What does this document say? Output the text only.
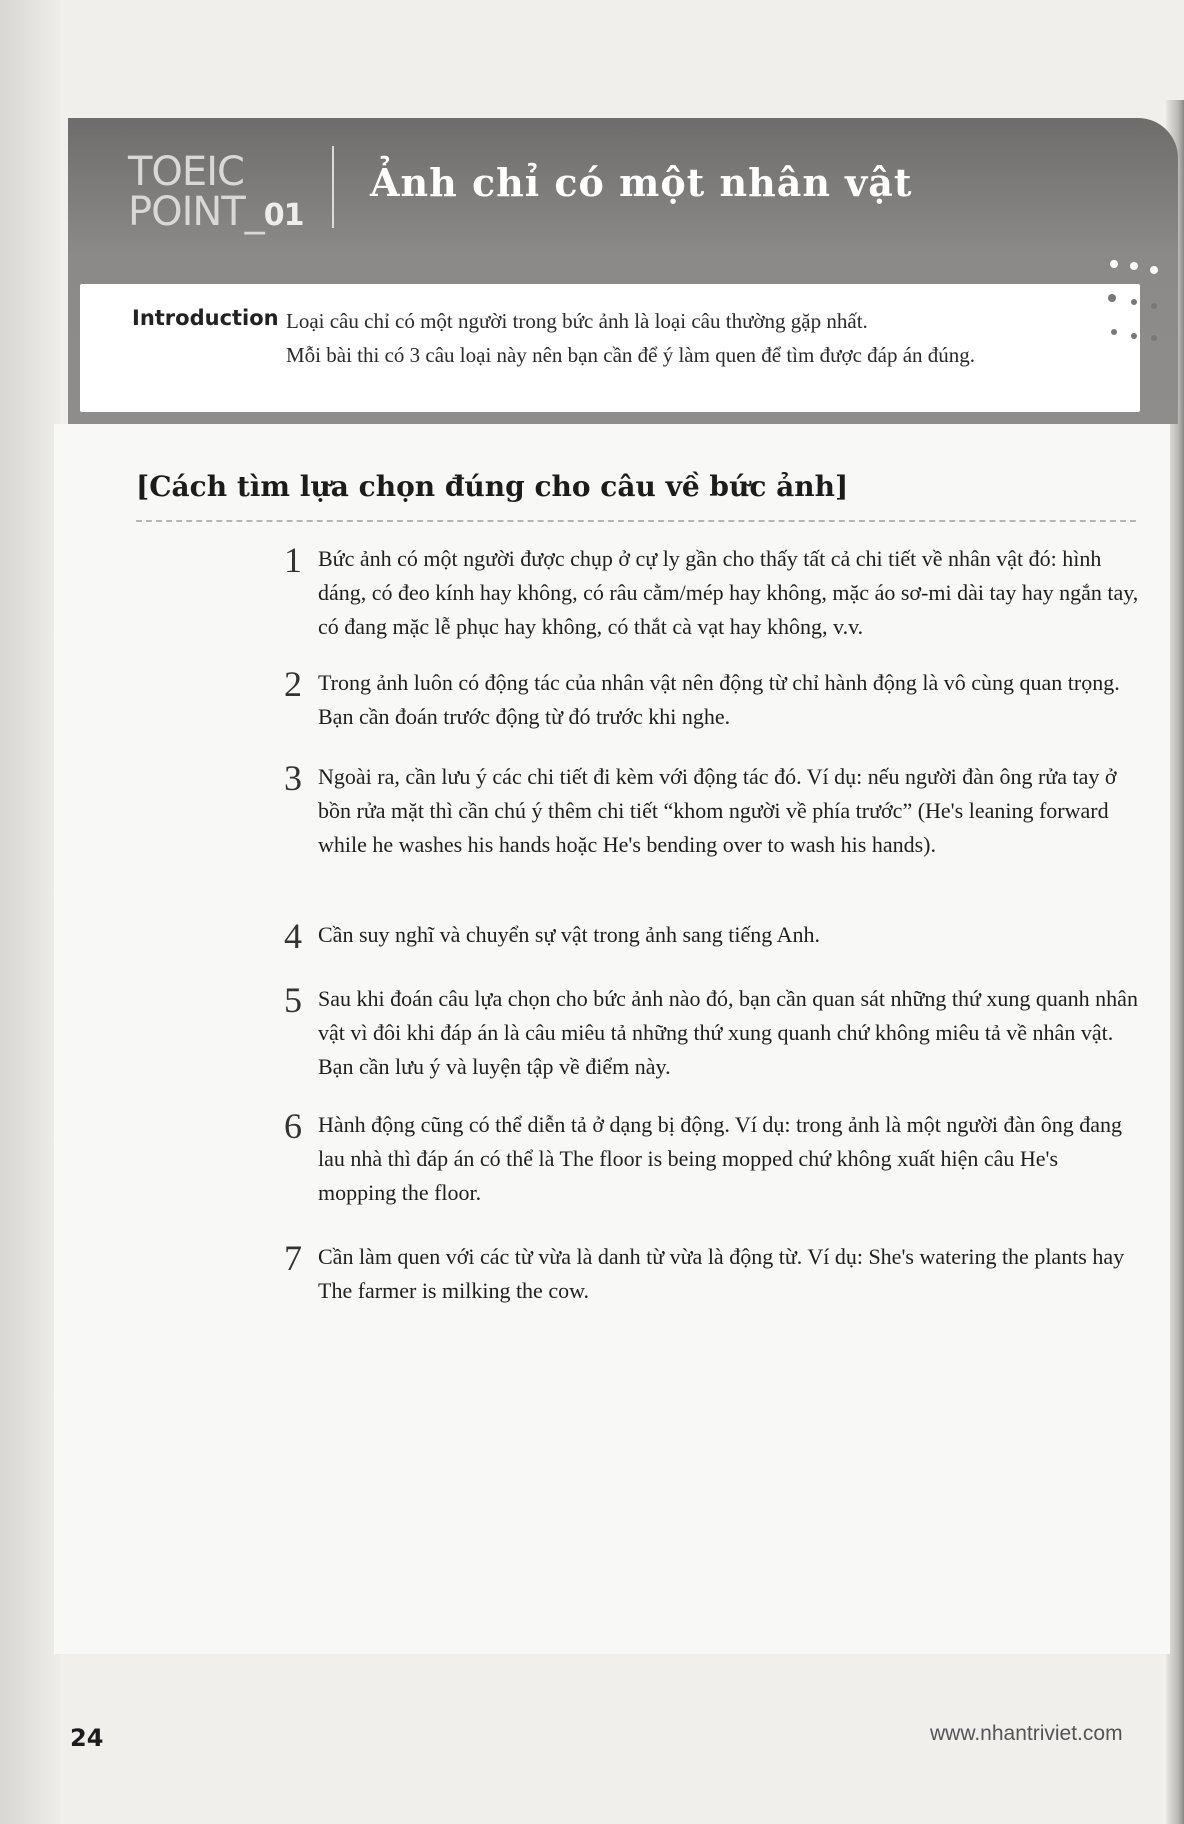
TOEIC
POINT_01
Ảnh chỉ có một nhân vật
Introduction Loại câu chỉ có một người trong bức ảnh là loại câu thường gặp nhất.
Mỗi bài thi có 3 câu loại này nên bạn cần để ý làm quen để tìm được đáp án đúng.
[Cách tìm lựa chọn đúng cho câu về bức ảnh]
1 Bức ảnh có một người được chụp ở cự ly gần cho thấy tất cả chi tiết về nhân vật đó: hình dáng, có đeo kính hay không, có râu cằm/mép hay không, mặc áo sơ-mi dài tay hay ngắn tay, có đang mặc lễ phục hay không, có thắt cà vạt hay không, v.v.
2 Trong ảnh luôn có động tác của nhân vật nên động từ chỉ hành động là vô cùng quan trọng. Bạn cần đoán trước động từ đó trước khi nghe.
3 Ngoài ra, cần lưu ý các chi tiết đi kèm với động tác đó. Ví dụ: nếu người đàn ông rửa tay ở bồn rửa mặt thì cần chú ý thêm chi tiết “khom người về phía trước” (He's leaning forward while he washes his hands hoặc He's bending over to wash his hands).
4 Cần suy nghĩ và chuyển sự vật trong ảnh sang tiếng Anh.
5 Sau khi đoán câu lựa chọn cho bức ảnh nào đó, bạn cần quan sát những thứ xung quanh nhân vật vì đôi khi đáp án là câu miêu tả những thứ xung quanh chứ không miêu tả về nhân vật. Bạn cần lưu ý và luyện tập về điểm này.
6 Hành động cũng có thể diễn tả ở dạng bị động. Ví dụ: trong ảnh là một người đàn ông đang lau nhà thì đáp án có thể là The floor is being mopped chứ không xuất hiện câu He's mopping the floor.
7 Cần làm quen với các từ vừa là danh từ vừa là động từ. Ví dụ: She's watering the plants hay The farmer is milking the cow.
24	www.nhantriviet.com
